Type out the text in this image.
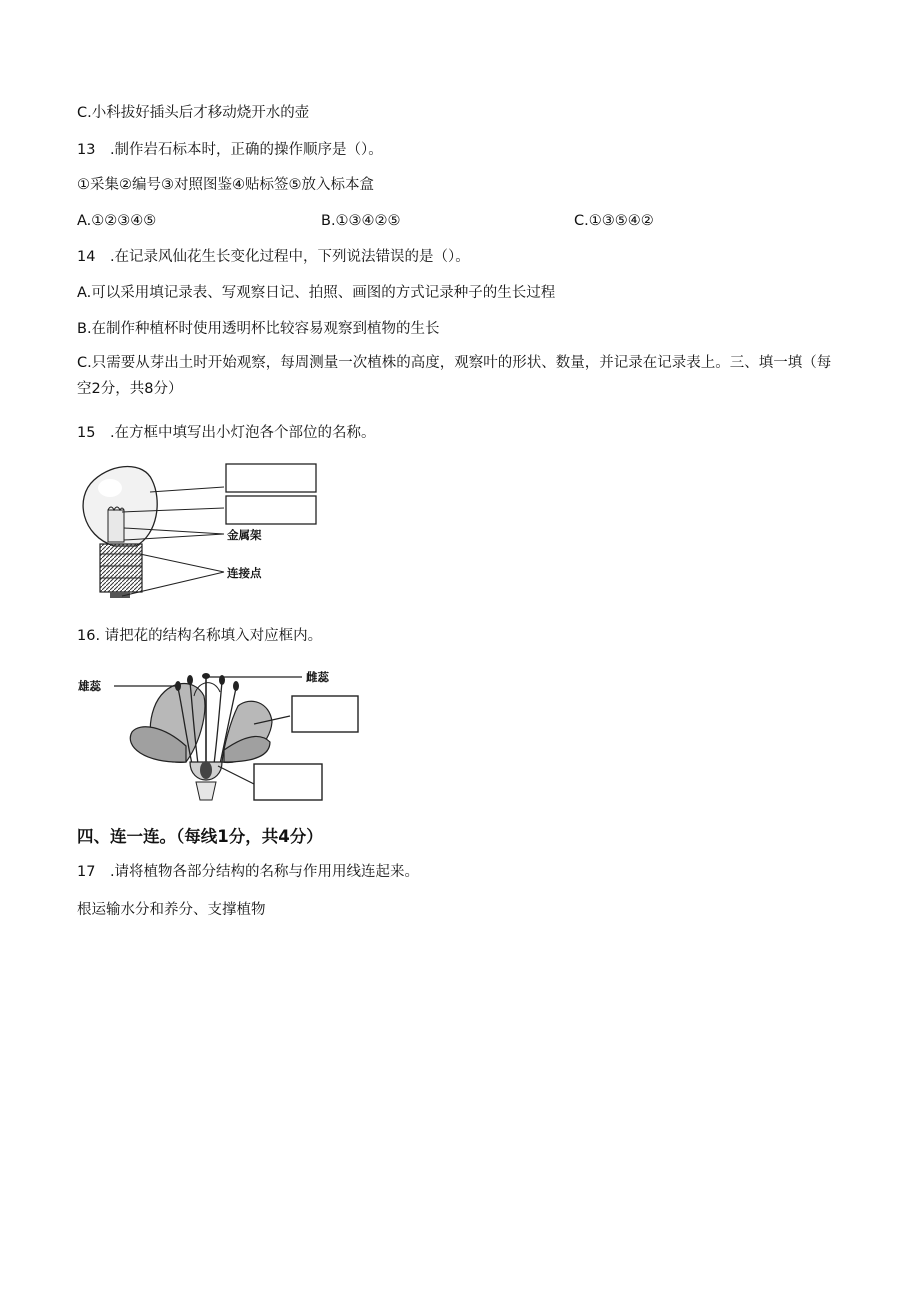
C.小科拔好插头后才移动烧开水的壶
13　.制作岩石标本时，正确的操作顺序是（）。
①采集②编号③对照图鉴④贴标签⑤放入标本盒
A.①②③④⑤	B.①③④②⑤	C.①③⑤④②
14　.在记录风仙花生长变化过程中，下列说法错误的是（）。
A.可以采用填记录表、写观察日记、拍照、画图的方式记录种子的生长过程
B.在制作种植杯时使用透明杯比较容易观察到植物的生长
C.只需要从芽出土时开始观察，每周测量一次植株的高度，观察叶的形状、数量，并记录在记录表上。三、填一填（每空2分，共8分）
15　.在方框中填写出小灯泡各个部位的名称。
金属架
连接点
16. 请把花的结构名称填入对应框内。
雄蕊
雌蕊
四、连一连。（每线1分，共4分）
17　.请将植物各部分结构的名称与作用用线连起来。
根运输水分和养分、支撑植物
